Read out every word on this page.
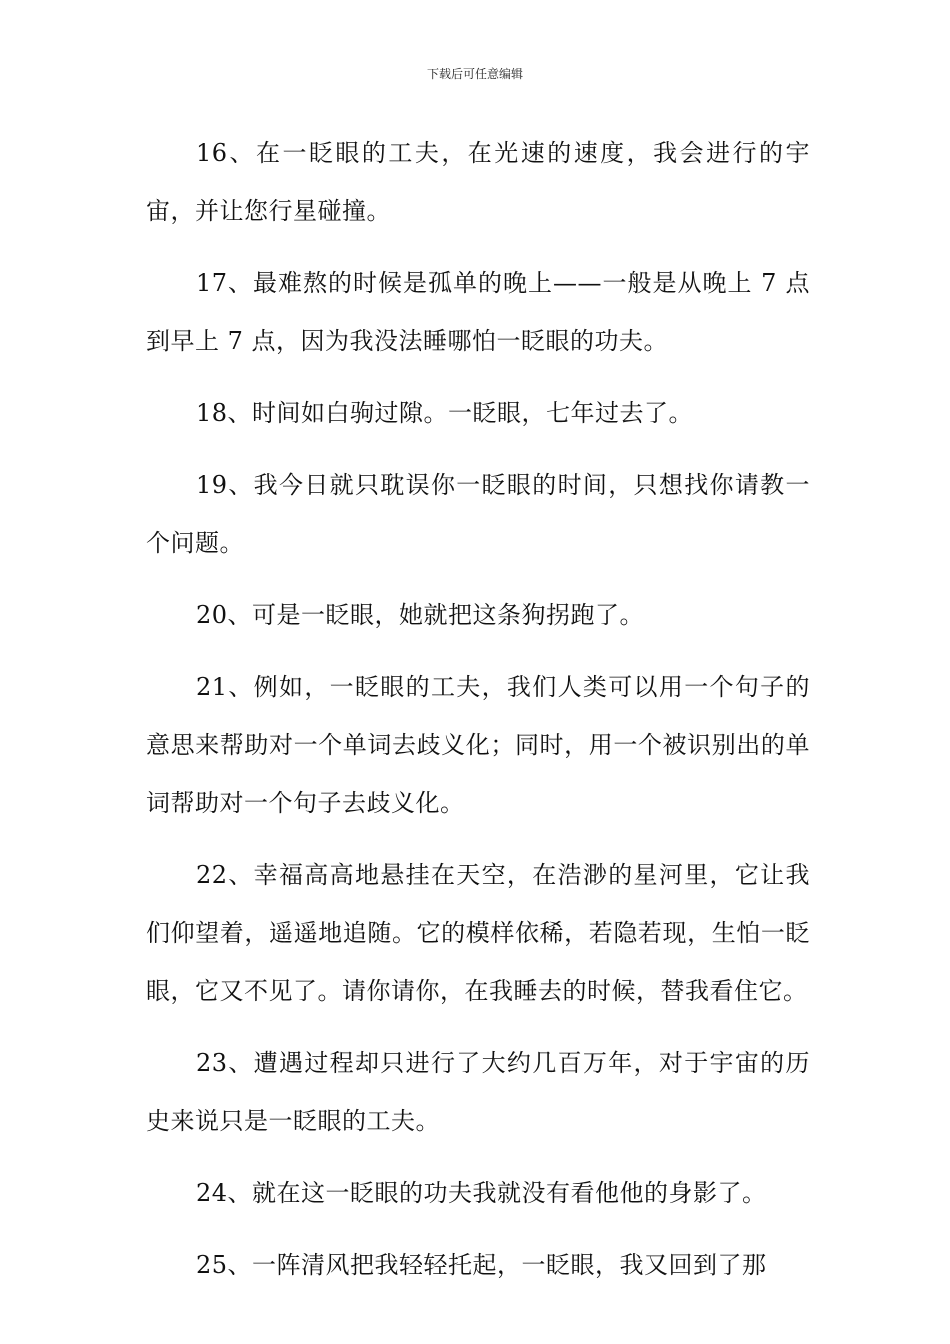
下载后可任意编辑

16、在一眨眼的工夫，在光速的速度，我会进行的宇宙，并让您行星碰撞。

17、最难熬的时候是孤单的晚上——一般是从晚上 7 点到早上 7 点，因为我没法睡哪怕一眨眼的功夫。

18、时间如白驹过隙。一眨眼，七年过去了。

19、我今日就只耽误你一眨眼的时间，只想找你请教一个问题。

20、可是一眨眼，她就把这条狗拐跑了。

21、例如，一眨眼的工夫，我们人类可以用一个句子的意思来帮助对一个单词去歧义化；同时，用一个被识别出的单词帮助对一个句子去歧义化。

22、幸福高高地悬挂在天空，在浩渺的星河里，它让我们仰望着，遥遥地追随。它的模样依稀，若隐若现，生怕一眨眼，它又不见了。请你请你，在我睡去的时候，替我看住它。

23、遭遇过程却只进行了大约几百万年，对于宇宙的历史来说只是一眨眼的工夫。

24、就在这一眨眼的功夫我就没有看他他的身影了。

25、一阵清风把我轻轻托起，一眨眼，我又回到了那
